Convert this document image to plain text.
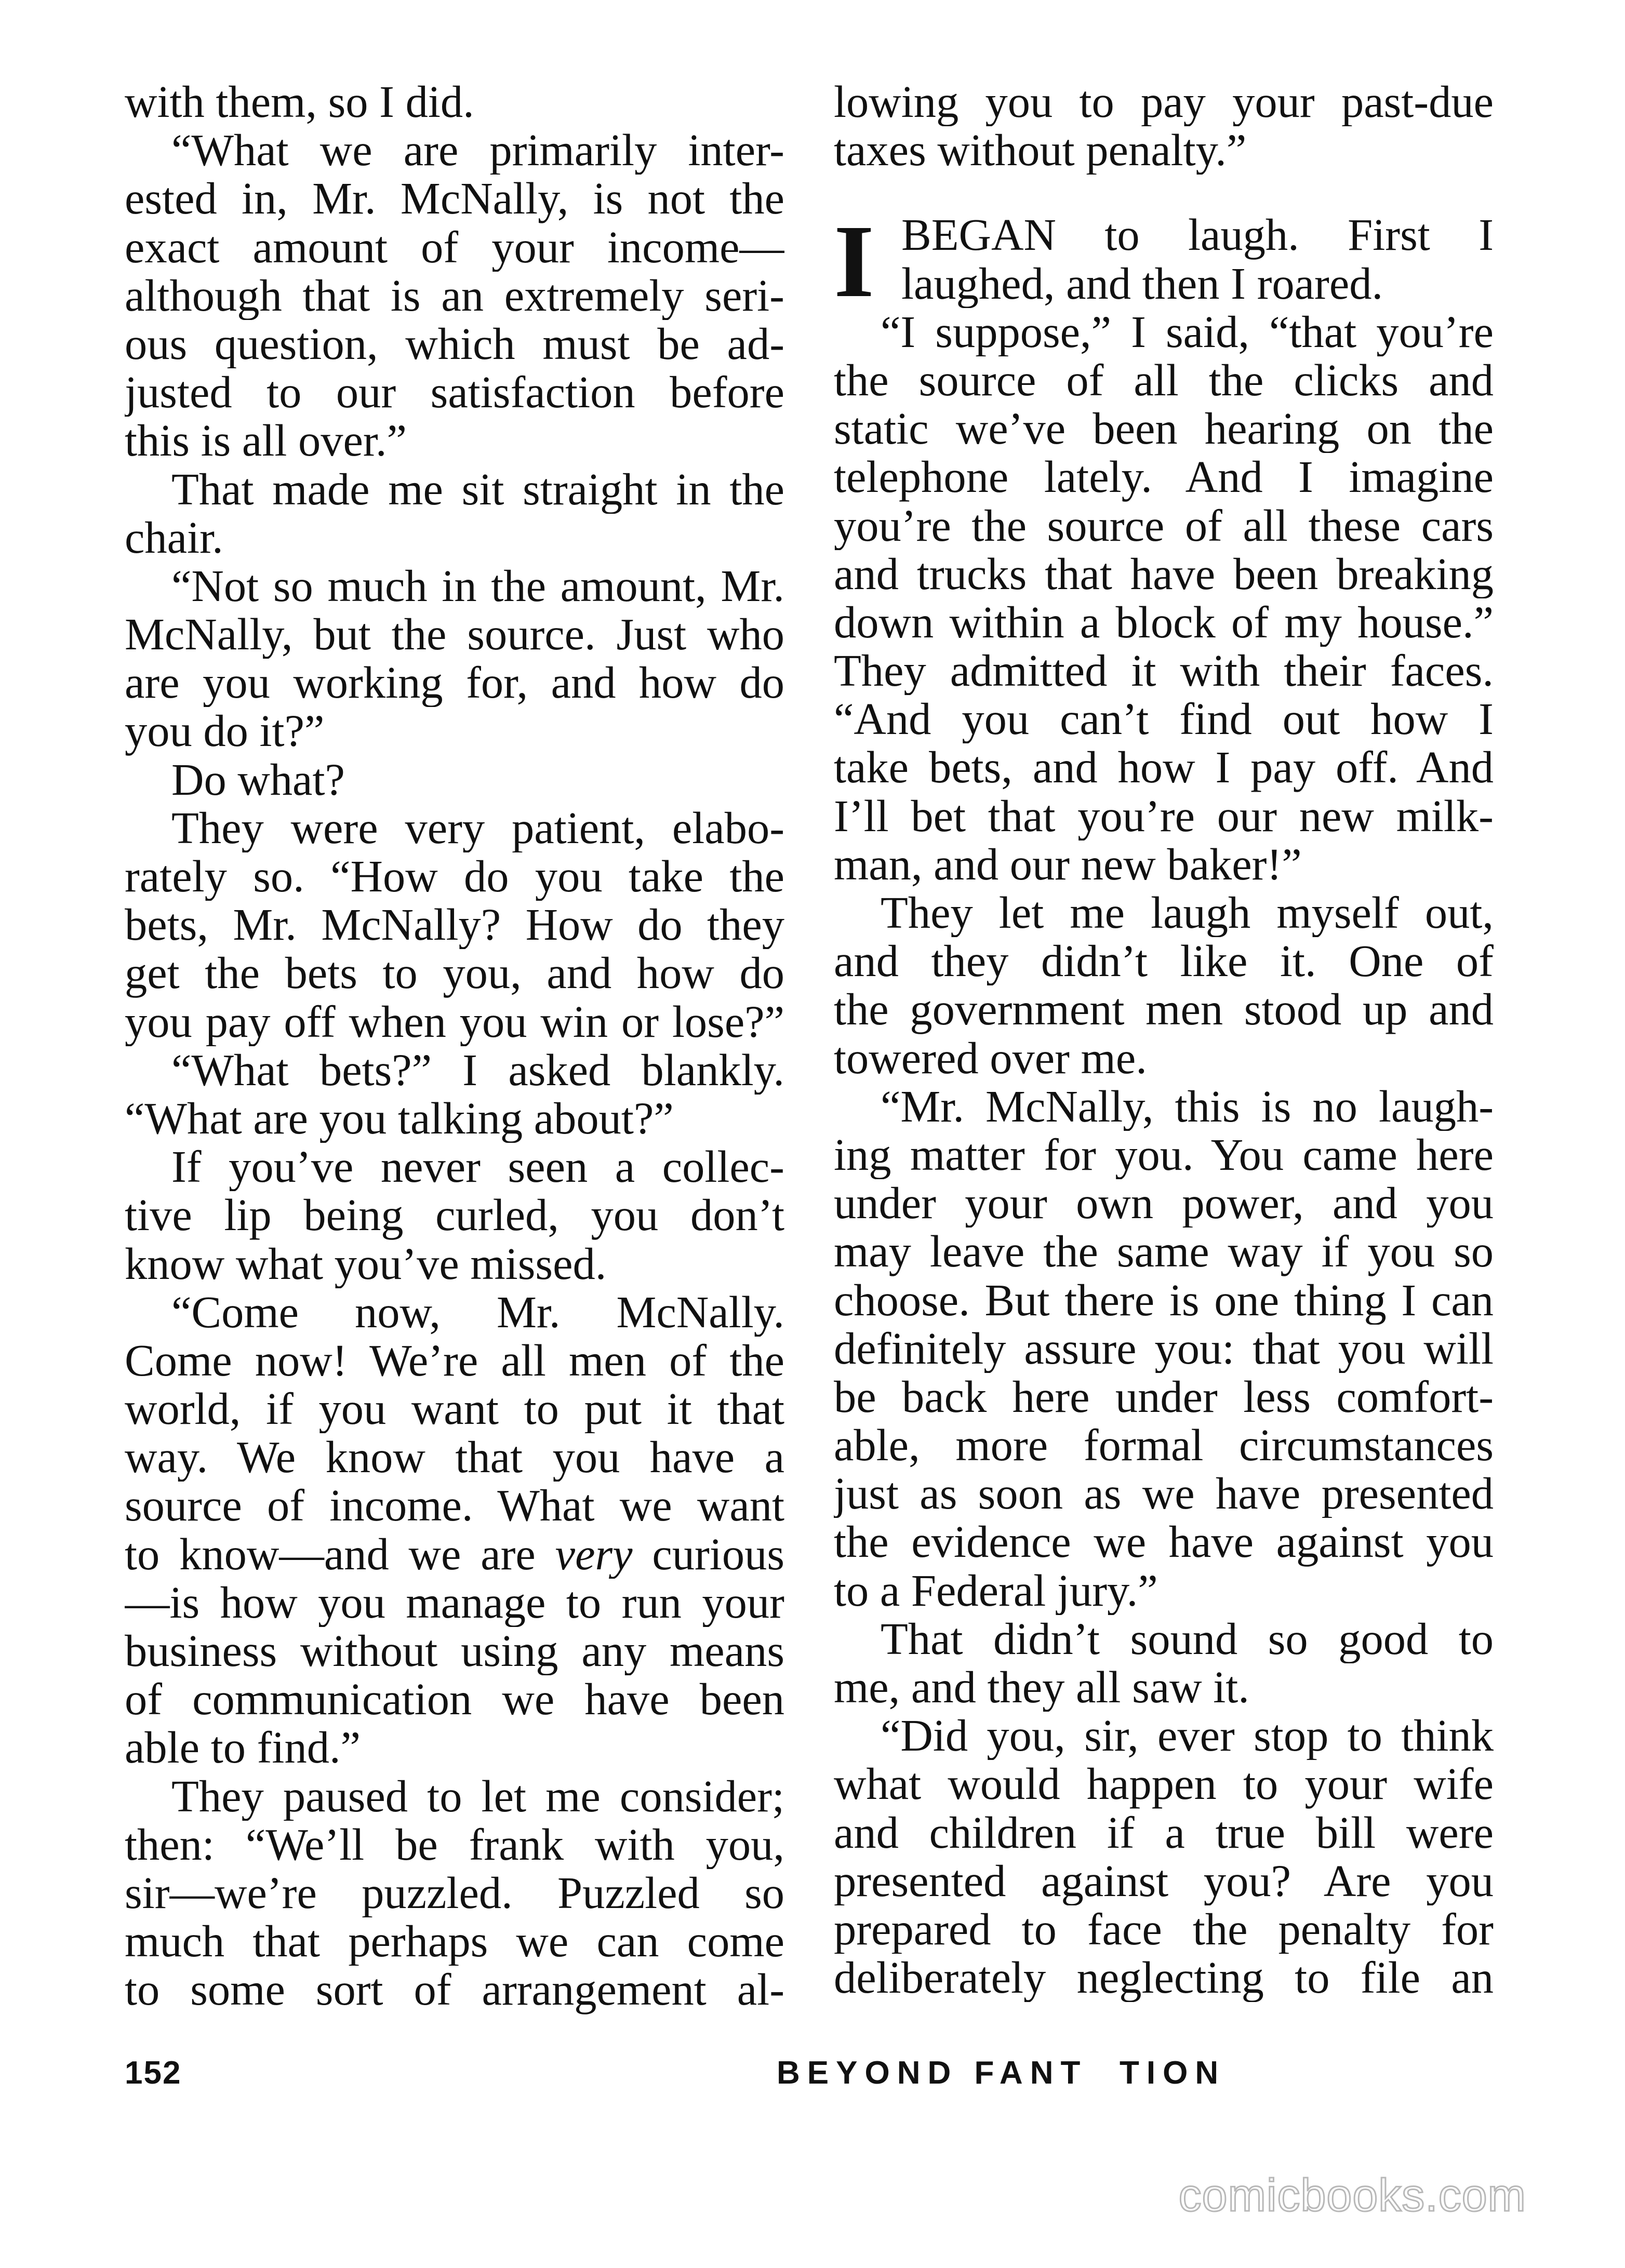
with them, so I did.
“What we are primarily inter-
ested in, Mr. McNally, is not the
exact amount of your income—
although that is an extremely seri-
ous question, which must be ad-
justed to our satisfaction before
this is all over.”
That made me sit straight in the
chair.
“Not so much in the amount, Mr.
McNally, but the source. Just who
are you working for, and how do
you do it?”
Do what?
They were very patient, elabo-
rately so. “How do you take the
bets, Mr. McNally? How do they
get the bets to you, and how do
you pay off when you win or lose?”
“What bets?” I asked blankly.
“What are you talking about?”
If you’ve never seen a collec-
tive lip being curled, you don’t
know what you’ve missed.
“Come now, Mr. McNally.
Come now! We’re all men of the
world, if you want to put it that
way. We know that you have a
source of income. What we want
to know—and we are very curious
—is how you manage to run your
business without using any means
of communication we have been
able to find.”
They paused to let me consider;
then: “We’ll be frank with you,
sir—we’re puzzled. Puzzled so
much that perhaps we can come
to some sort of arrangement al-
lowing you to pay your past-due
taxes without penalty.”
I BEGAN to laugh. First I
laughed, and then I roared.
“I suppose,” I said, “that you’re
the source of all the clicks and
static we’ve been hearing on the
telephone lately. And I imagine
you’re the source of all these cars
and trucks that have been breaking
down within a block of my house.”
They admitted it with their faces.
“And you can’t find out how I
take bets, and how I pay off. And
I’ll bet that you’re our new milk-
man, and our new baker!”
They let me laugh myself out,
and they didn’t like it. One of
the government men stood up and
towered over me.
“Mr. McNally, this is no laugh-
ing matter for you. You came here
under your own power, and you
may leave the same way if you so
choose. But there is one thing I can
definitely assure you: that you will
be back here under less comfort-
able, more formal circumstances
just as soon as we have presented
the evidence we have against you
to a Federal jury.”
That didn’t sound so good to
me, and they all saw it.
“Did you, sir, ever stop to think
what would happen to your wife
and children if a true bill were
presented against you? Are you
prepared to face the penalty for
deliberately neglecting to file an
152	BEYOND FANT TION
comicbooks.com
